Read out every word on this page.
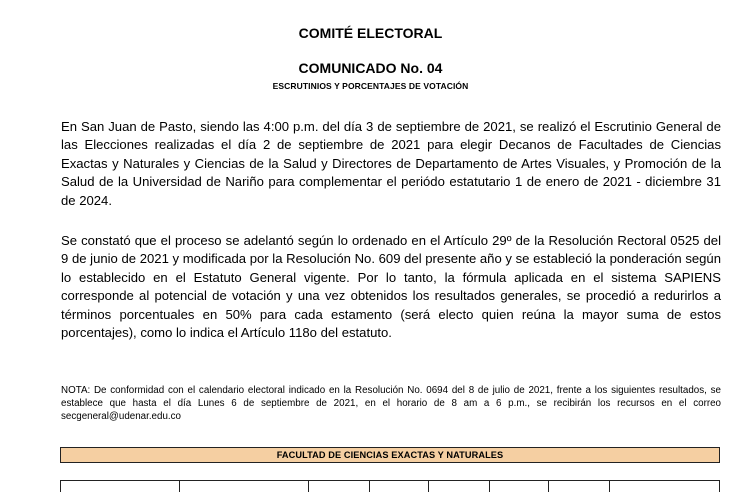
COMITÉ ELECTORAL
COMUNICADO No. 04
ESCRUTINIOS Y PORCENTAJES DE VOTACIÓN

En San Juan de Pasto, siendo las 4:00 p.m. del día 3 de septiembre de 2021, se realizó el Escrutinio General de las Elecciones realizadas el día 2 de septiembre de 2021 para elegir Decanos de Facultades de Ciencias Exactas y Naturales y Ciencias de la Salud y Directores de Departamento de Artes Visuales, y Promoción de la Salud de la Universidad de Nariño para complementar el periódo estatutario 1 de enero de 2021 - diciembre 31 de 2024.

Se constató que el proceso se adelantó según lo ordenado en el Artículo 29º de la Resolución Rectoral 0525 del 9 de junio de 2021 y modificada por la Resolución No. 609 del presente año y se estableció la ponderación según lo establecido en el Estatuto General vigente. Por lo tanto, la fórmula aplicada en el sistema SAPIENS corresponde al potencial de votación y una vez obtenidos los resultados generales, se procedió a redurirlos a términos porcentuales en 50% para cada estamento (será electo quien reúna la mayor suma de estos porcentajes), como lo indica el Artículo 118o del estatuto.

NOTA: De conformidad con el calendario electoral indicado en la Resolución No. 0694 del 8 de julio de 2021, frente a los siguientes resultados, se establece que hasta el día Lunes 6 de septiembre de 2021, en el horario de 8 am a 6 p.m., se recibirán los recursos en el correo secgeneral@udenar.edu.co

FACULTAD DE CIENCIAS EXACTAS Y NATURALES
